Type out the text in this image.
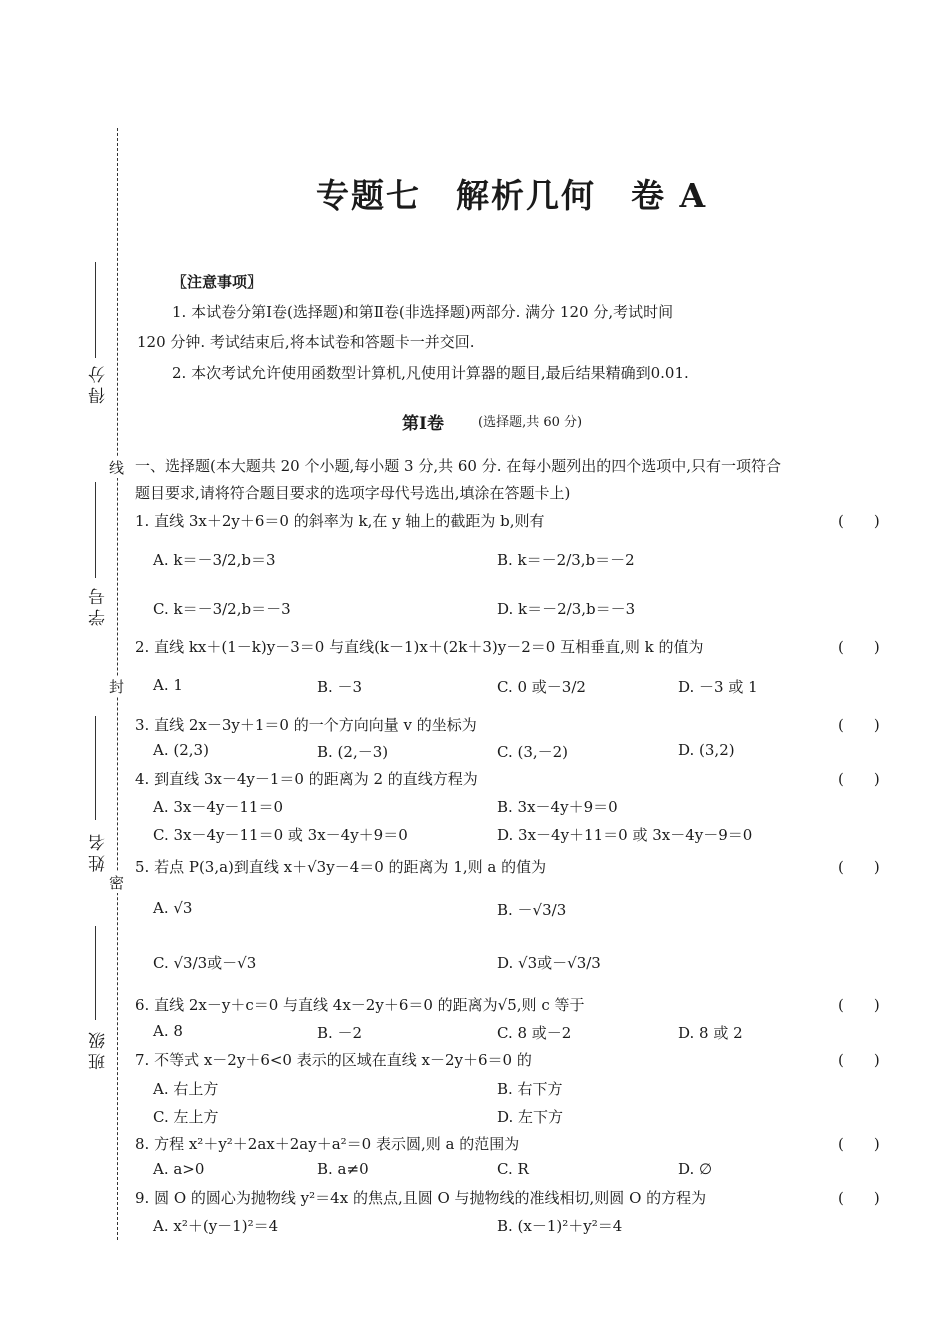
得分
学号
姓名
班级
线
封
密
专题七　解析几何　卷 A
〖注意事项〗
1. 本试卷分第Ⅰ卷(选择题)和第Ⅱ卷(非选择题)两部分. 满分 120 分,考试时间
120 分钟. 考试结束后,将本试卷和答题卡一并交回.
2. 本次考试允许使用函数型计算机,凡使用计算器的题目,最后结果精确到0.01.
第Ⅰ卷	(选择题,共 60 分)
一、选择题(本大题共 20 个小题,每小题 3 分,共 60 分. 在每小题列出的四个选项中,只有一项符合
题目要求,请将符合题目要求的选项字母代号选出,填涂在答题卡上)
1. 直线 3x＋2y＋6＝0 的斜率为 k,在 y 轴上的截距为 b,则有	(　　)
A. k＝－3/2,b＝3	B. k＝－2/3,b＝－2
C. k＝－3/2,b＝－3	D. k＝－2/3,b＝－3
2. 直线 kx＋(1－k)y－3＝0 与直线(k－1)x＋(2k＋3)y－2＝0 互相垂直,则 k 的值为	(　　)
A. 1	B. －3	C. 0 或－3/2	D. －3 或 1
3. 直线 2x－3y＋1＝0 的一个方向向量 v 的坐标为	(　　)
A. (2,3)	B. (2,－3)	C. (3,－2)	D. (3,2)
4. 到直线 3x－4y－1＝0 的距离为 2 的直线方程为	(　　)
A. 3x－4y－11＝0	B. 3x－4y＋9＝0
C. 3x－4y－11＝0 或 3x－4y＋9＝0	D. 3x－4y＋11＝0 或 3x－4y－9＝0
5. 若点 P(3,a)到直线 x＋√3y－4＝0 的距离为 1,则 a 的值为	(　　)
A. √3	B. －√3/3
C. √3/3或－√3	D. √3或－√3/3
6. 直线 2x－y＋c＝0 与直线 4x－2y＋6＝0 的距离为√5,则 c 等于	(　　)
A. 8	B. －2	C. 8 或－2	D. 8 或 2
7. 不等式 x－2y＋6<0 表示的区域在直线 x－2y＋6＝0 的	(　　)
A. 右上方	B. 右下方
C. 左上方	D. 左下方
8. 方程 x²＋y²＋2ax＋2ay＋a²＝0 表示圆,则 a 的范围为	(　　)
A. a>0	B. a≠0	C. R	D. ∅
9. 圆 O 的圆心为抛物线 y²＝4x 的焦点,且圆 O 与抛物线的准线相切,则圆 O 的方程为	(　　)
A. x²＋(y－1)²＝4	B. (x－1)²＋y²＝4
